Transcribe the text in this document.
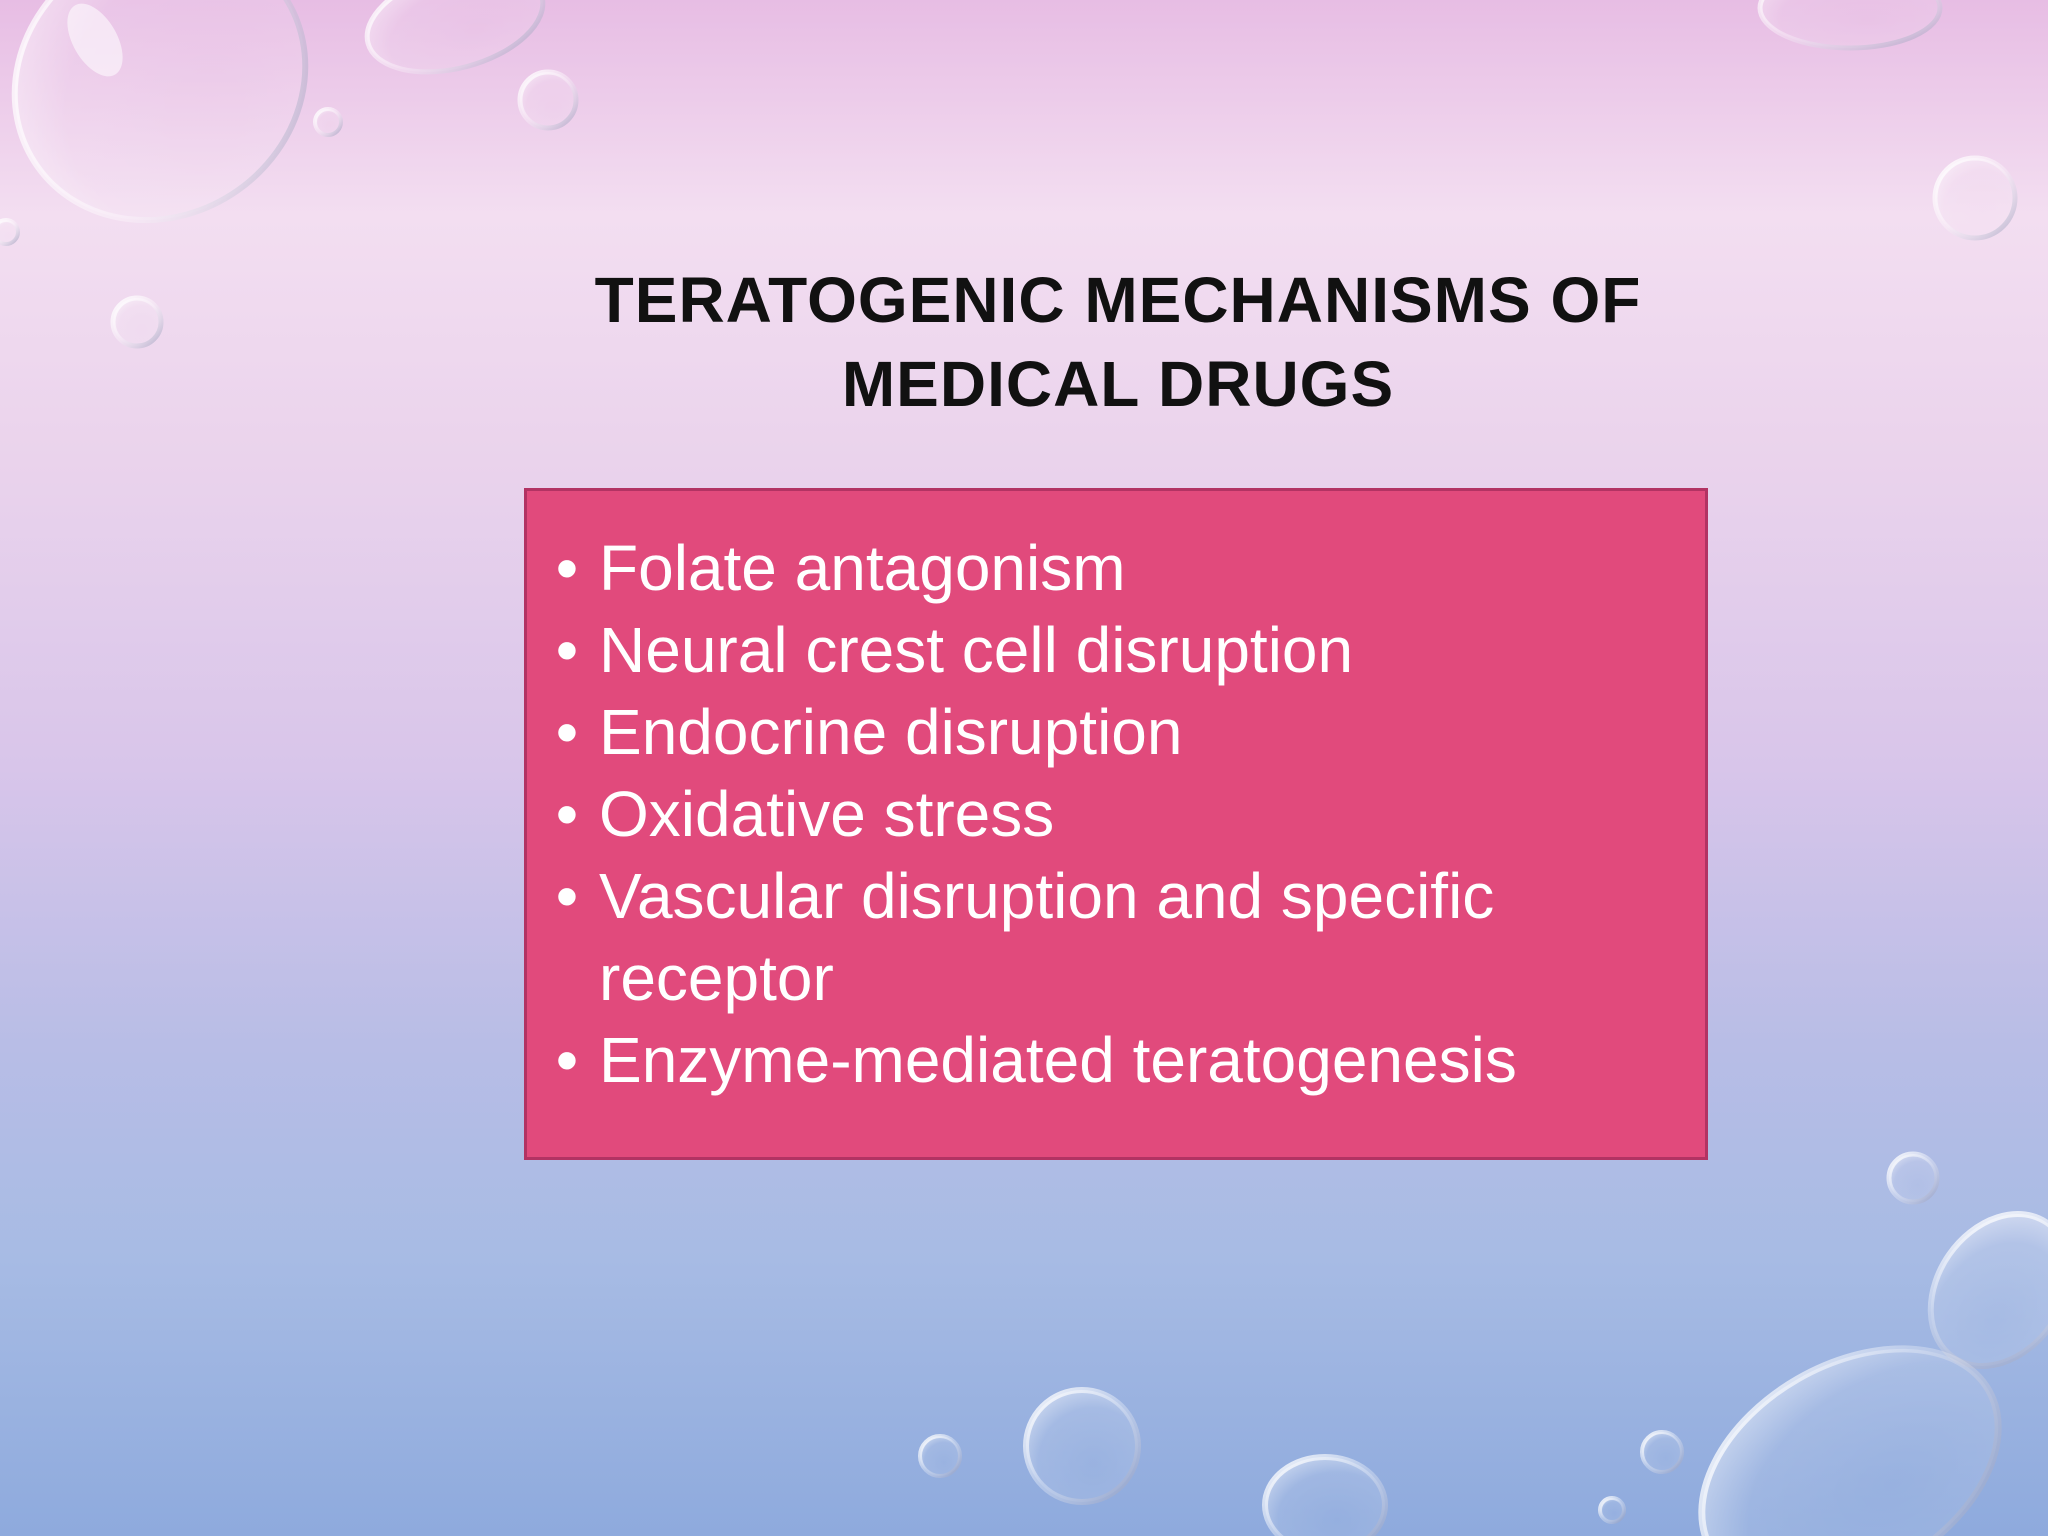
TERATOGENIC MECHANISMS OF
MEDICAL DRUGS
• Folate antagonism
• Neural crest cell disruption
• Endocrine disruption
• Oxidative stress
• Vascular disruption and specific receptor
• Enzyme-mediated teratogenesis
